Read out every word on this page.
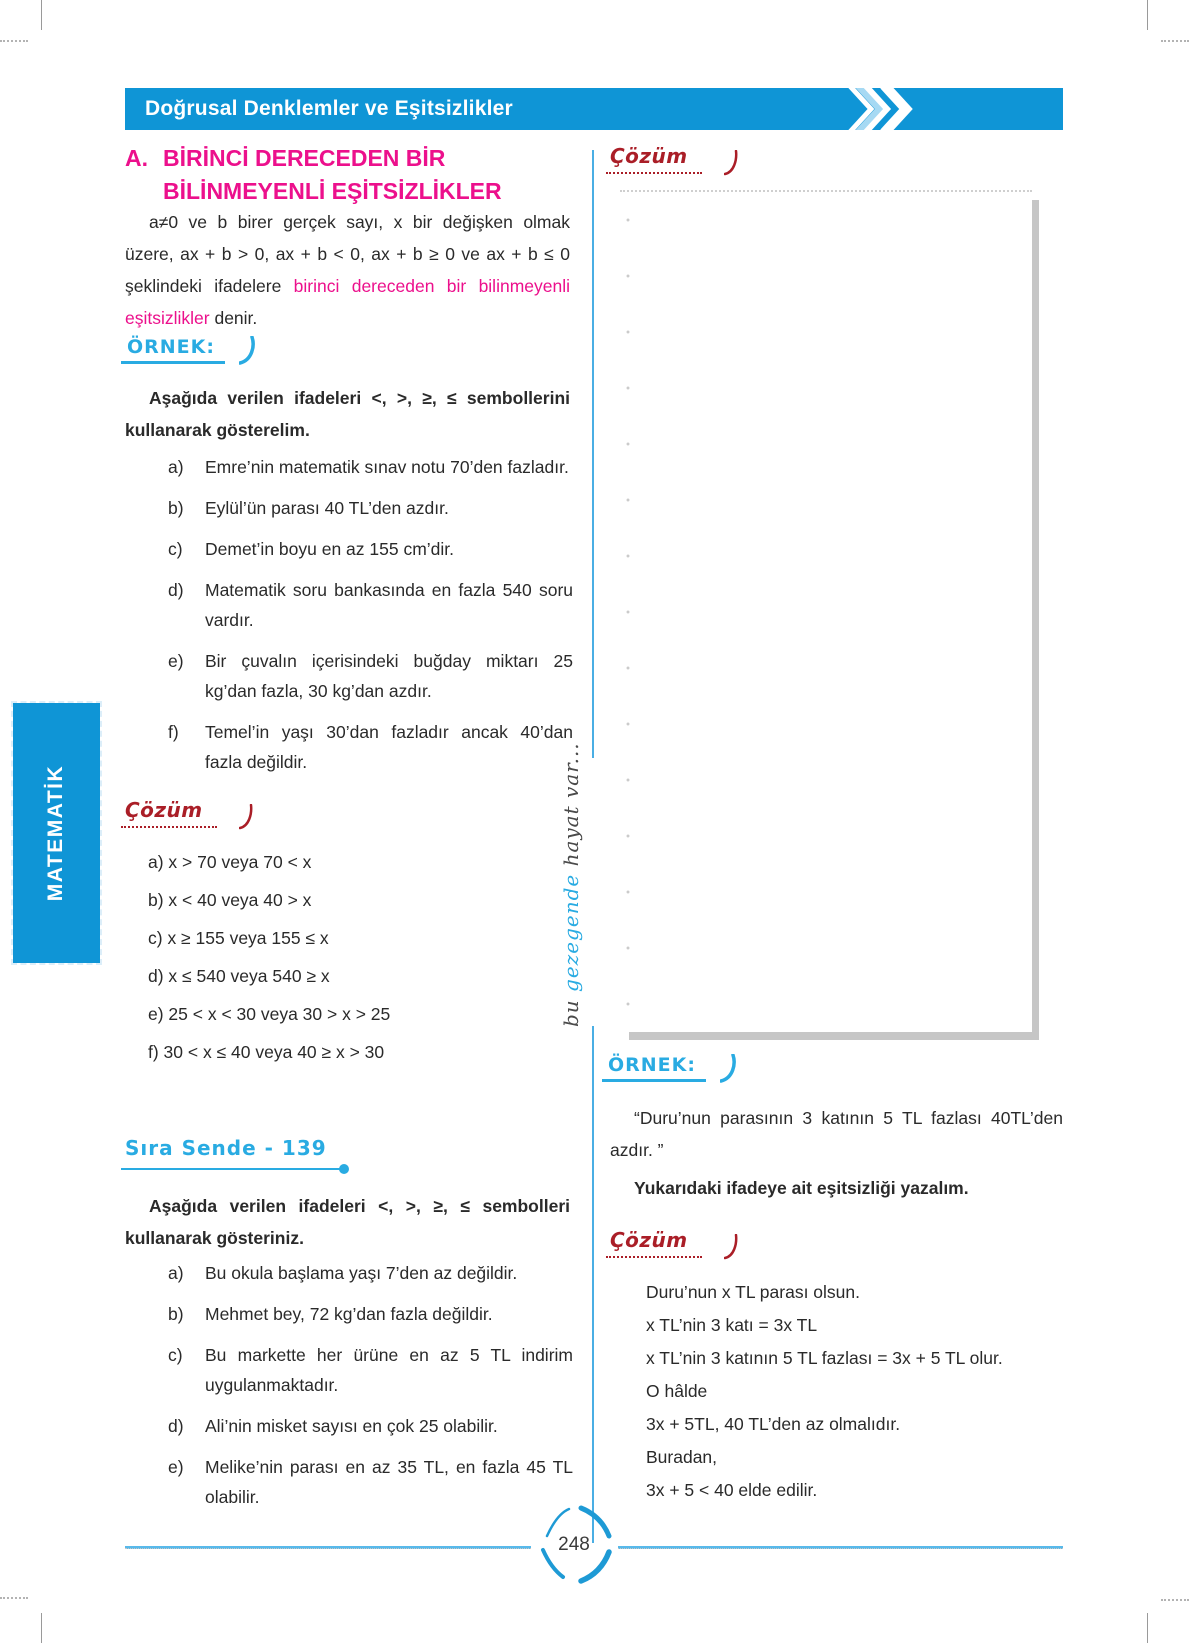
Doğrusal Denklemler ve Eşitsizlikler
MATEMATİK
bu gezegende hayat var...
A. BİRİNCİ DERECEDEN BİR
BİLİNMEYENLİ EŞİTSİZLİKLER
a≠0 ve b birer gerçek sayı, x bir değişken olmak üzere, ax + b > 0, ax + b < 0, ax + b ≥ 0 ve ax + b ≤ 0 şeklindeki ifadelere birinci dereceden bir bilinmeyenli eşitsizlikler denir.
ÖRNEK:
Aşağıda verilen ifadeleri <, >, ≥, ≤ sembollerini kullanarak gösterelim.
a)	Emre’nin matematik sınav notu 70’den fazladır.
b)	Eylül’ün parası 40 TL’den azdır.
c)	Demet’in boyu en az 155 cm’dir.
d)	Matematik soru bankasında en fazla 540 soru vardır.
e)	Bir çuvalın içerisindeki buğday miktarı 25 kg’dan fazla, 30 kg’dan azdır.
f)	Temel’in yaşı 30’dan fazladır ancak 40’dan fazla değildir.
Çözüm
a) x > 70 veya 70 < x
b) x < 40 veya 40 > x
c) x ≥ 155 veya 155 ≤ x
d) x ≤ 540 veya 540 ≥ x
e) 25 < x < 30 veya 30 > x > 25
f) 30 < x ≤ 40 veya 40 ≥ x > 30
Sıra Sende - 139
Aşağıda verilen ifadeleri <, >, ≥, ≤ sembolleri kullanarak gösteriniz.
a)	Bu okula başlama yaşı 7’den az değildir.
b)	Mehmet bey, 72 kg’dan fazla değildir.
c)	Bu markette her ürüne en az 5 TL indirim uygulanmaktadır.
d)	Ali’nin misket sayısı en çok 25 olabilir.
e)	Melike’nin parası en az 35 TL, en fazla 45 TL olabilir.
Çözüm
ÖRNEK:
“Duru’nun parasının 3 katının 5 TL fazlası 40TL’den azdır. ”
Yukarıdaki ifadeye ait eşitsizliği yazalım.
Çözüm
Duru’nun x TL parası olsun.
x TL’nin 3 katı = 3x TL
x TL’nin 3 katının 5 TL fazlası = 3x + 5 TL olur.
O hâlde
3x + 5TL, 40 TL’den az olmalıdır.
Buradan,
3x + 5 < 40 elde edilir.
248
